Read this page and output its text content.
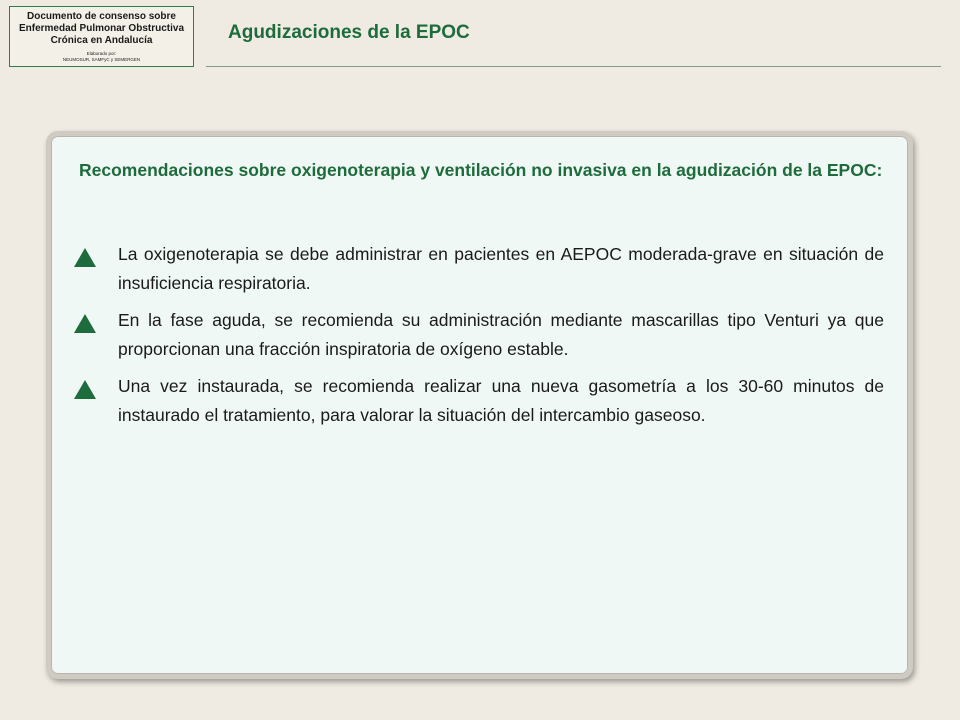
Documento de consenso sobre
Enfermedad Pulmonar Obstructiva
Crónica en Andalucía
Elaborado por:
NEUMOSUR, SAMFyC y SEMERGEN
Agudizaciones de la EPOC

Recomendaciones sobre oxigenoterapia y ventilación no invasiva en la agudización de la EPOC:

La oxigenoterapia se debe administrar en pacientes en AEPOC moderada-grave en situación de insuficiencia respiratoria.
En la fase aguda, se recomienda su administración mediante mascarillas tipo Venturi ya que proporcionan una fracción inspiratoria de oxígeno estable.
Una vez instaurada, se recomienda realizar una nueva gasometría a los 30-60 minutos de instaurado el tratamiento, para valorar la situación del intercambio gaseoso.
